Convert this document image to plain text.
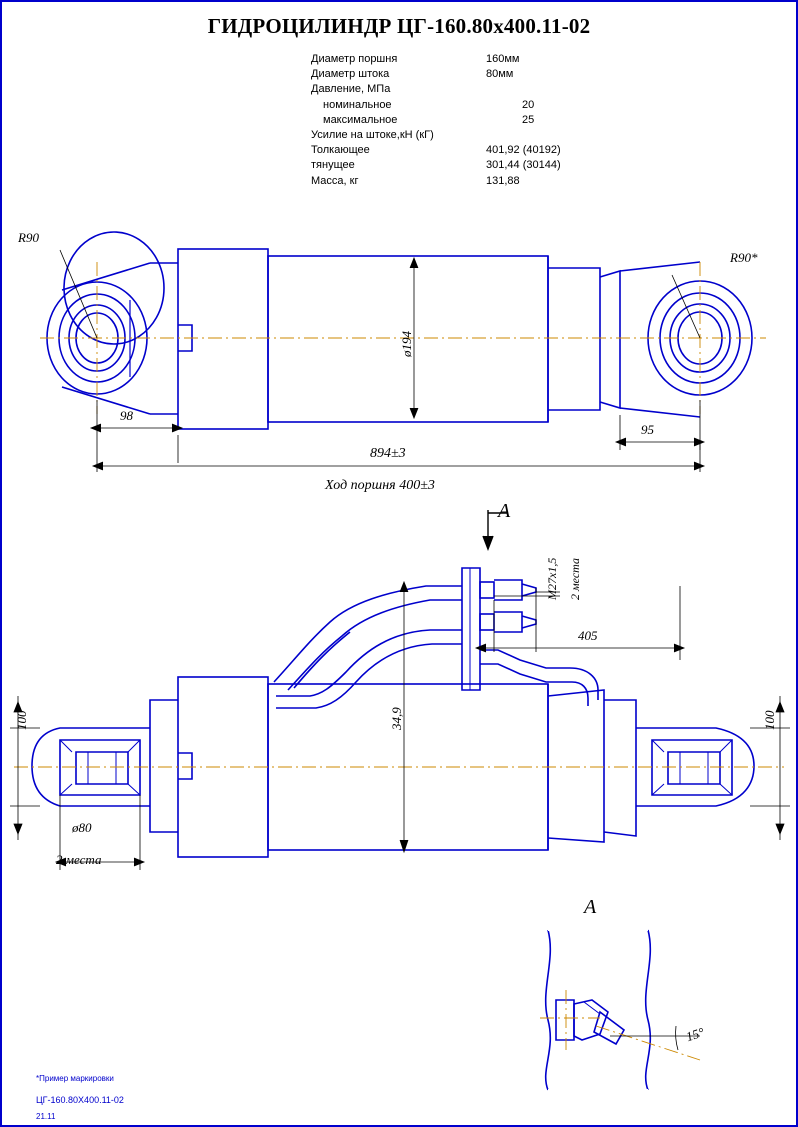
ГИДРОЦИЛИНДР ЦГ-160.80x400.11-02
Диаметр поршня	160мм
Диаметр штока	80мм
Давление, МПа
номинальное	20
максимальное	25
Усилие на штоке,кН (кГ)
Толкающее	401,92 (40192)
тянущее	301,44 (30144)
Масса, кг	131,88
R90
R90*
ø194
98
95
894±3
Ход поршня 400±3
A
A
M27x1,5 2 места
405
34,9
100	100
ø80
2 места
15°
*Пример маркировки
ЦГ-160.80X400.11-02
21.11
